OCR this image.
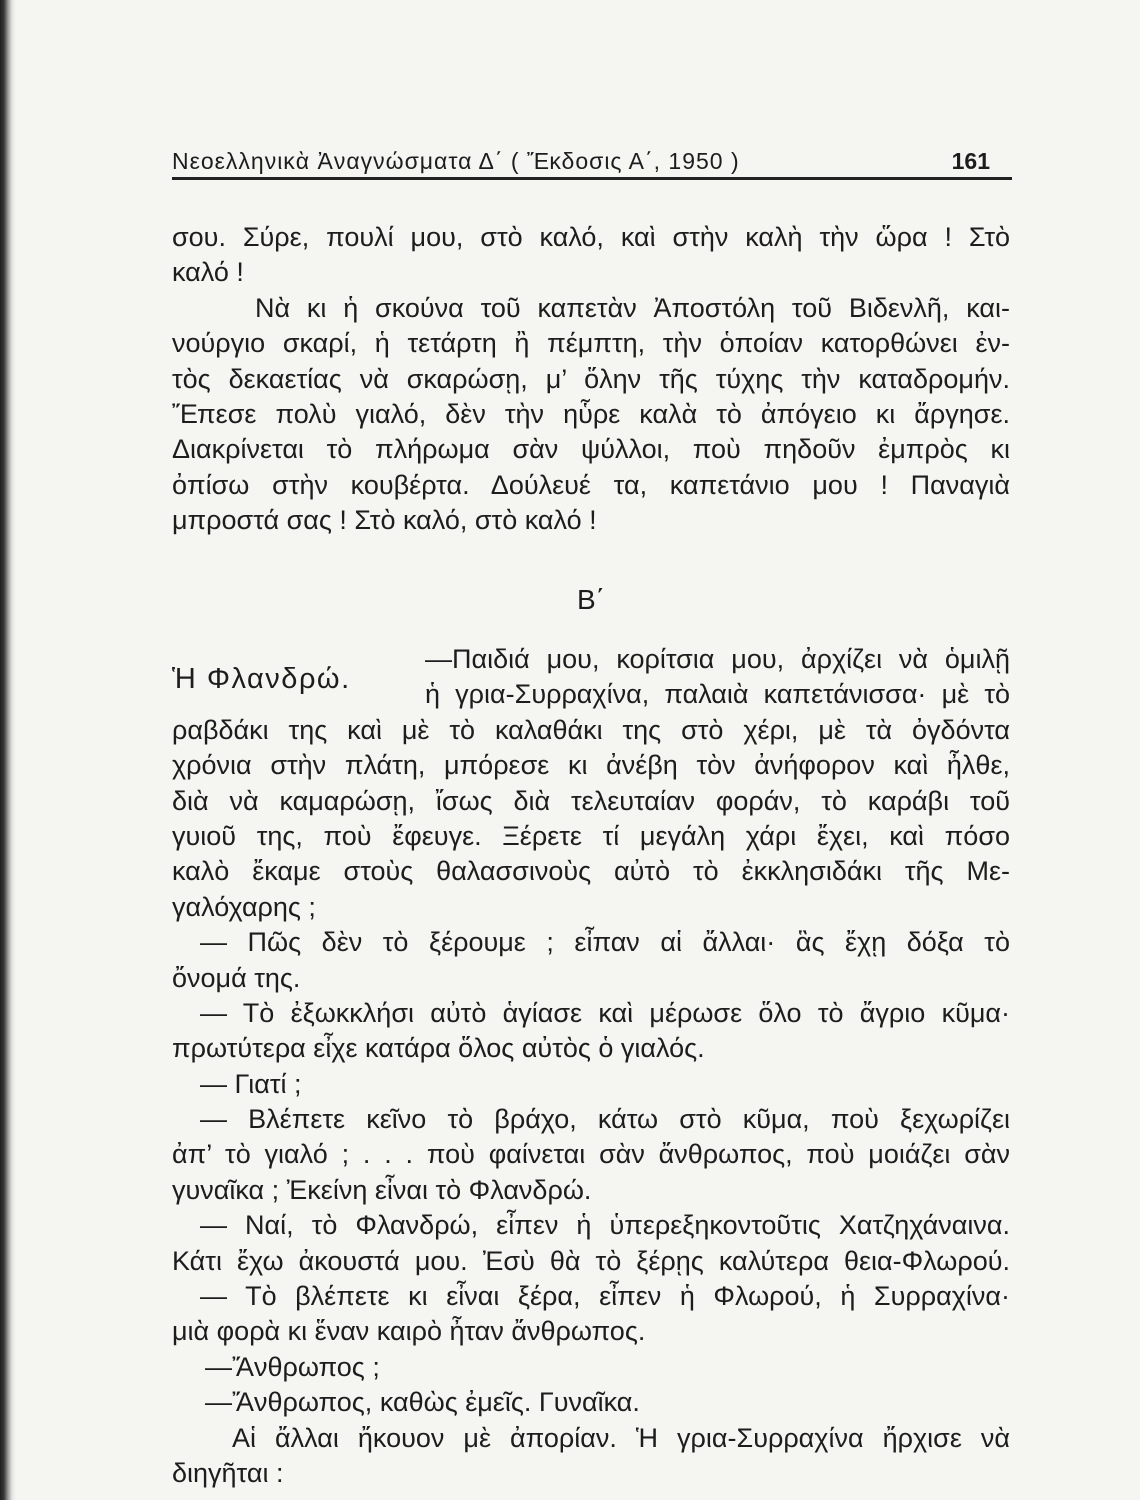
Νεοελληνικὰ Ἀναγνώσματα Δ΄ ( Ἔκδοσις Α΄, 1950 )	161
σου. Σύρε, πουλί μου, στὸ καλό, καὶ στὴν καλὴ τὴν ὥρα ! Στὸ
καλό !
Νὰ κι ἡ σκούνα τοῦ καπετὰν Ἀποστόλη τοῦ Βιδενλῆ, και-
νούργιο σκαρί, ἡ τετάρτη ἢ πέμπτη, τὴν ὁποίαν κατορθώνει ἐν-
τὸς δεκαετίας νὰ σκαρώσῃ, μ’ ὅλην τῆς τύχης τὴν καταδρομήν.
Ἔπεσε πολὺ γιαλό, δὲν τὴν ηὗρε καλὰ τὸ ἀπόγειο κι ἄργησε.
Διακρίνεται τὸ πλήρωμα σὰν ψύλλοι, ποὺ πηδοῦν ἐμπρὸς κι
ὀπίσω στὴν κουβέρτα. Δούλευέ τα, καπετάνιο μου ! Παναγιὰ
μπροστά σας ! Στὸ καλό, στὸ καλό !
Β΄
Ἡ Φλανδρώ.
—Παιδιά μου, κορίτσια μου, ἀρχίζει νὰ ὁμιλῇ
ἡ γρια-Συρραχίνα, παλαιὰ καπετάνισσα· μὲ τὸ
ραβδάκι της καὶ μὲ τὸ καλαθάκι της στὸ χέρι, μὲ τὰ ὀγδόντα
χρόνια στὴν πλάτη, μπόρεσε κι ἀνέβη τὸν ἀνήφορον καὶ ἦλθε,
διὰ νὰ καμαρώσῃ, ἴσως διὰ τελευταίαν φοράν, τὸ καράβι τοῦ
γυιοῦ της, ποὺ ἔφευγε. Ξέρετε τί μεγάλη χάρι ἔχει, καὶ πόσο
καλὸ ἔκαμε στοὺς θαλασσινοὺς αὐτὸ τὸ ἐκκλησιδάκι τῆς Με-
γαλόχαρης ;
— Πῶς δὲν τὸ ξέρουμε ; εἶπαν αἱ ἄλλαι· ἃς ἔχῃ δόξα τὸ
ὄνομά της.
— Τὸ ἐξωκκλήσι αὐτὸ ἁγίασε καὶ μέρωσε ὅλο τὸ ἄγριο κῦμα·
πρωτύτερα εἶχε κατάρα ὅλος αὐτὸς ὁ γιαλός.
— Γιατί ;
— Βλέπετε κεῖνο τὸ βράχο, κάτω στὸ κῦμα, ποὺ ξεχωρίζει
ἀπ’ τὸ γιαλό ; . . . ποὺ φαίνεται σὰν ἄνθρωπος, ποὺ μοιάζει σὰν
γυναῖκα ; Ἐκείνη εἶναι τὸ Φλανδρώ.
— Ναί, τὸ Φλανδρώ, εἶπεν ἡ ὑπερεξηκοντοῦτις Χατζηχάναινα.
Κάτι ἔχω ἀκουστά μου. Ἐσὺ θὰ τὸ ξέρῃς καλύτερα θεια-Φλωρού.
— Τὸ βλέπετε κι εἶναι ξέρα, εἶπεν ἡ Φλωρού, ἡ Συρραχίνα·
μιὰ φορὰ κι ἕναν καιρὸ ἦταν ἄνθρωπος.
—Ἄνθρωπος ;
—Ἄνθρωπος, καθὼς ἐμεῖς. Γυναῖκα.
Αἱ ἄλλαι ἤκουον μὲ ἀπορίαν. Ἡ γρια-Συρραχίνα ἤρχισε νὰ
διηγῆται :
